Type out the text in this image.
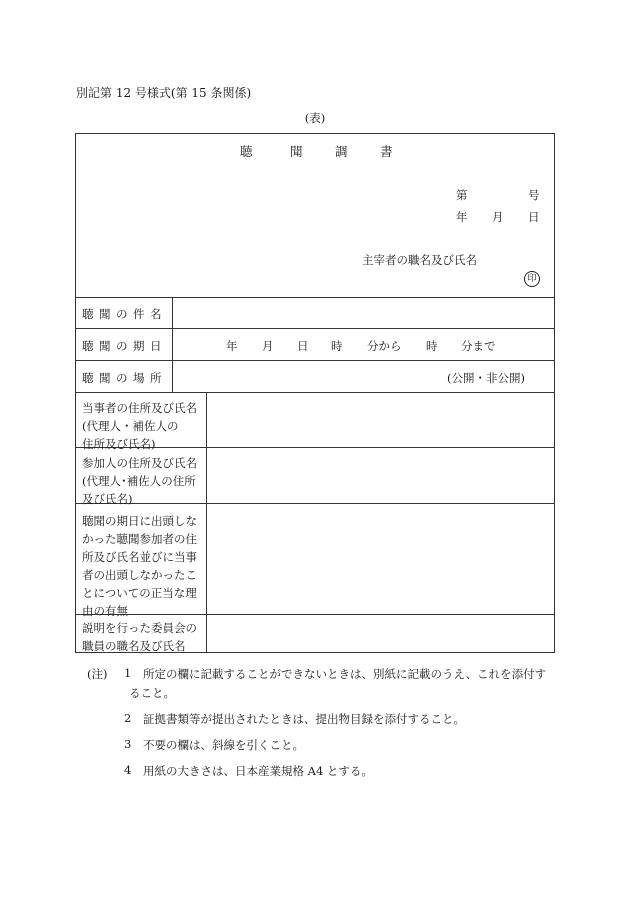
別記第 12 号様式(第 15 条関係)
(表)
聴	聞	調	書
第	号
年 月 日
主宰者の職名及び氏名
印
聴聞の件名
聴聞の期日	年 月 日 時 分から 時 分まで
聴聞の場所	(公開・非公開)
当事者の住所及び氏名
(代理人・補佐人の
住所及び氏名)
参加人の住所及び氏名
(代理人･補佐人の住所
及び氏名)
聴聞の期日に出頭しな
かった聴聞参加者の住
所及び氏名並びに当事
者の出頭しなかったこ
とについての正当な理
由の有無
説明を行った委員会の
職員の職名及び氏名
(注) 1 所定の欄に記載することができないときは、別紙に記載のうえ、これを添付す
ること。
2 証拠書類等が提出されたときは、提出物目録を添付すること。
3 不要の欄は、斜線を引くこと。
4 用紙の大きさは、日本産業規格 A4 とする。
